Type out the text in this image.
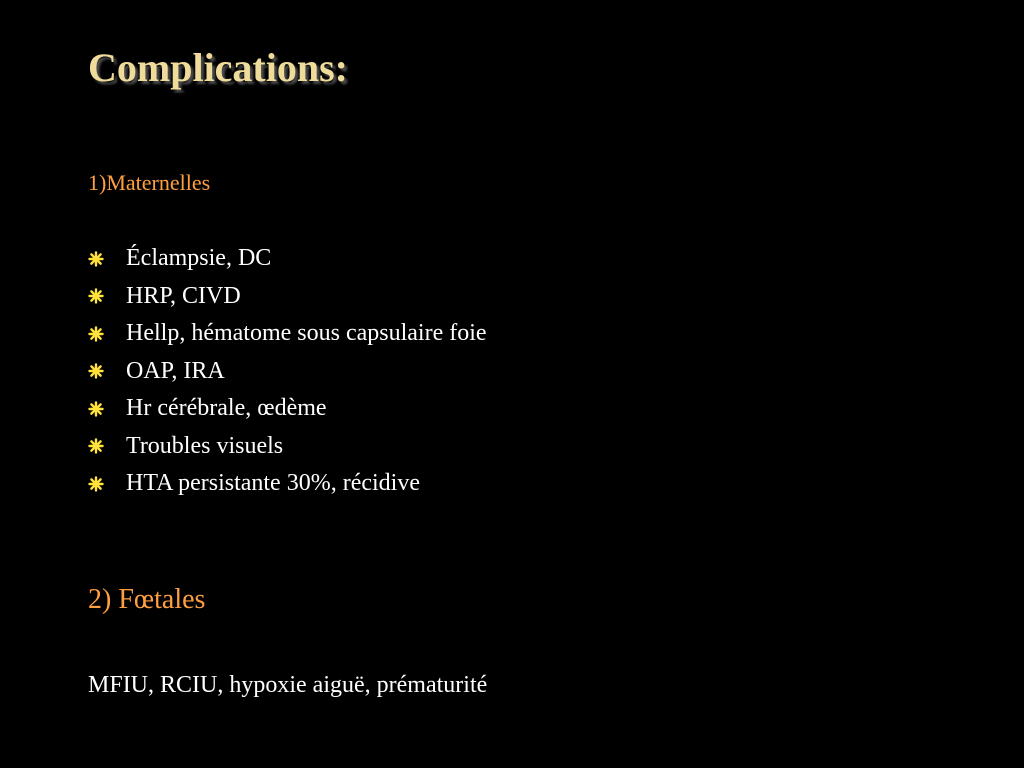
Complications:
1)Maternelles
Éclampsie, DC
HRP, CIVD
Hellp, hématome sous capsulaire foie
OAP, IRA
Hr cérébrale, œdème
Troubles visuels
HTA persistante 30%, récidive
2) Fœtales
MFIU, RCIU, hypoxie aiguë, prématurité
